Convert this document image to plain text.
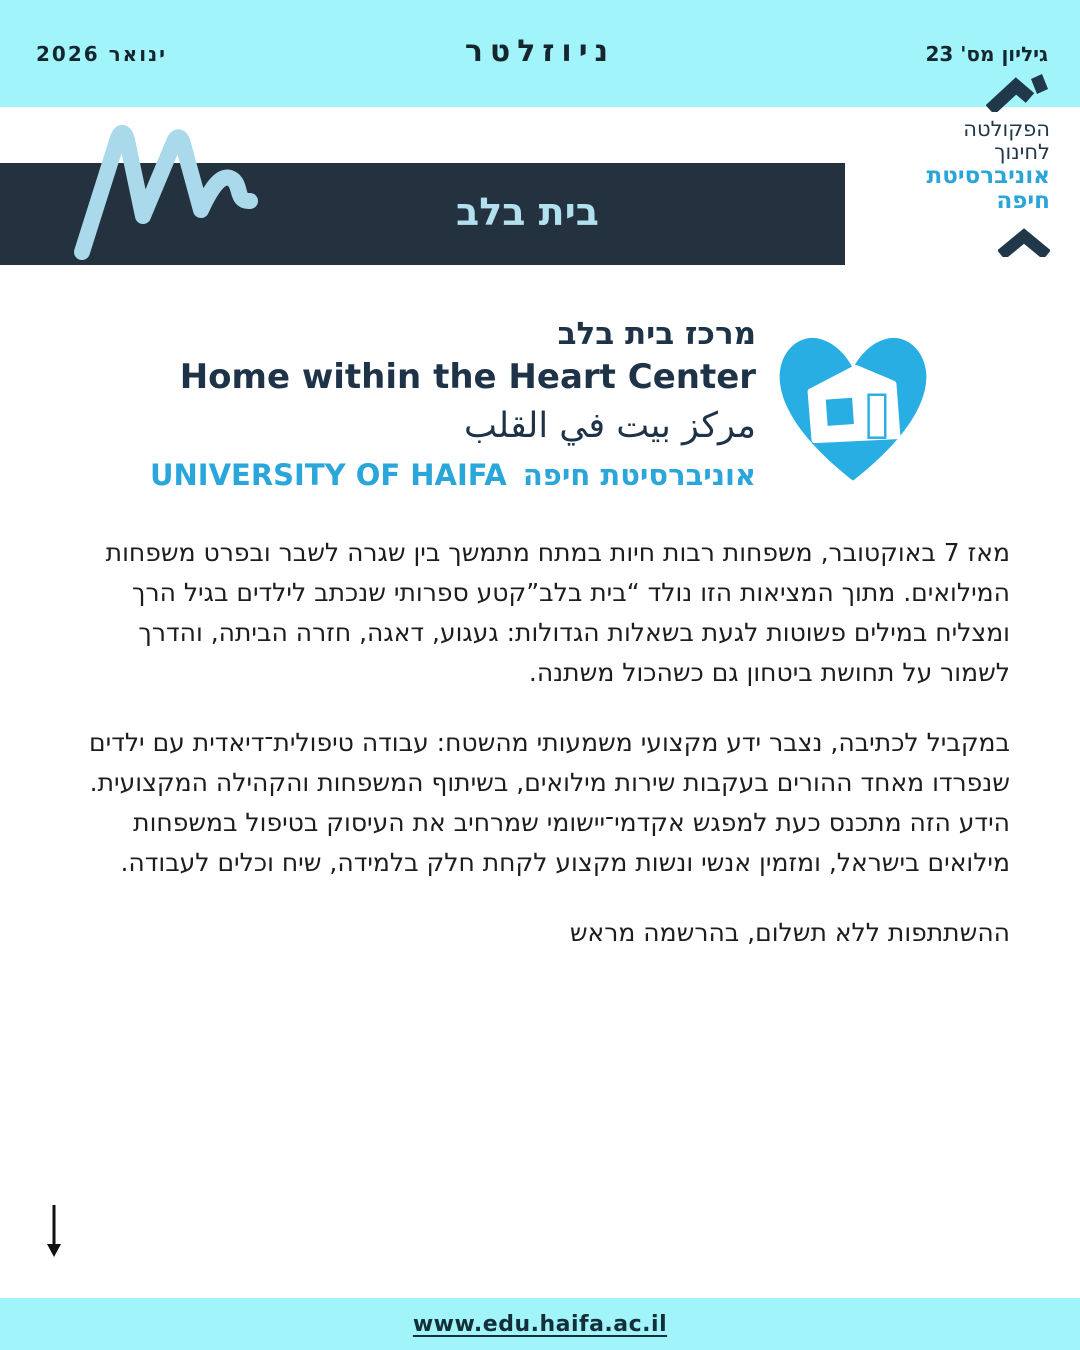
ינואר 2026	ניוזלטר	גיליון מס' 23
הפקולטה
לחינוך
אוניברסיטת
חיפה
בית בלב
מרכז בית בלב
Home within the Heart Center
مركز بيت في القلب
אוניברסיטת חיפה UNIVERSITY OF HAIFA

מאז 7 באוקטובר, משפחות רבות חיות במתח מתמשך בין שגרה לשבר ובפרט משפחות המילואים. מתוך המציאות הזו נולד “בית בלב”קטע ספרותי שנכתב לילדים בגיל הרך ומצליח במילים פשוטות לגעת בשאלות הגדולות: געגוע, דאגה, חזרה הביתה, והדרך לשמור על תחושת ביטחון גם כשהכול משתנה.

במקביל לכתיבה, נצבר ידע מקצועי משמעותי מהשטח: עבודה טיפולית־דיאדית עם ילדים שנפרדו מאחד ההורים בעקבות שירות מילואים, בשיתוף המשפחות והקהילה המקצועית. הידע הזה מתכנס כעת למפגש אקדמי־יישומי שמרחיב את העיסוק בטיפול במשפחות מילואים בישראל, ומזמין אנשי ונשות מקצוע לקחת חלק בלמידה, שיח וכלים לעבודה.

ההשתתפות ללא תשלום, בהרשמה מראש

www.edu.haifa.ac.il
